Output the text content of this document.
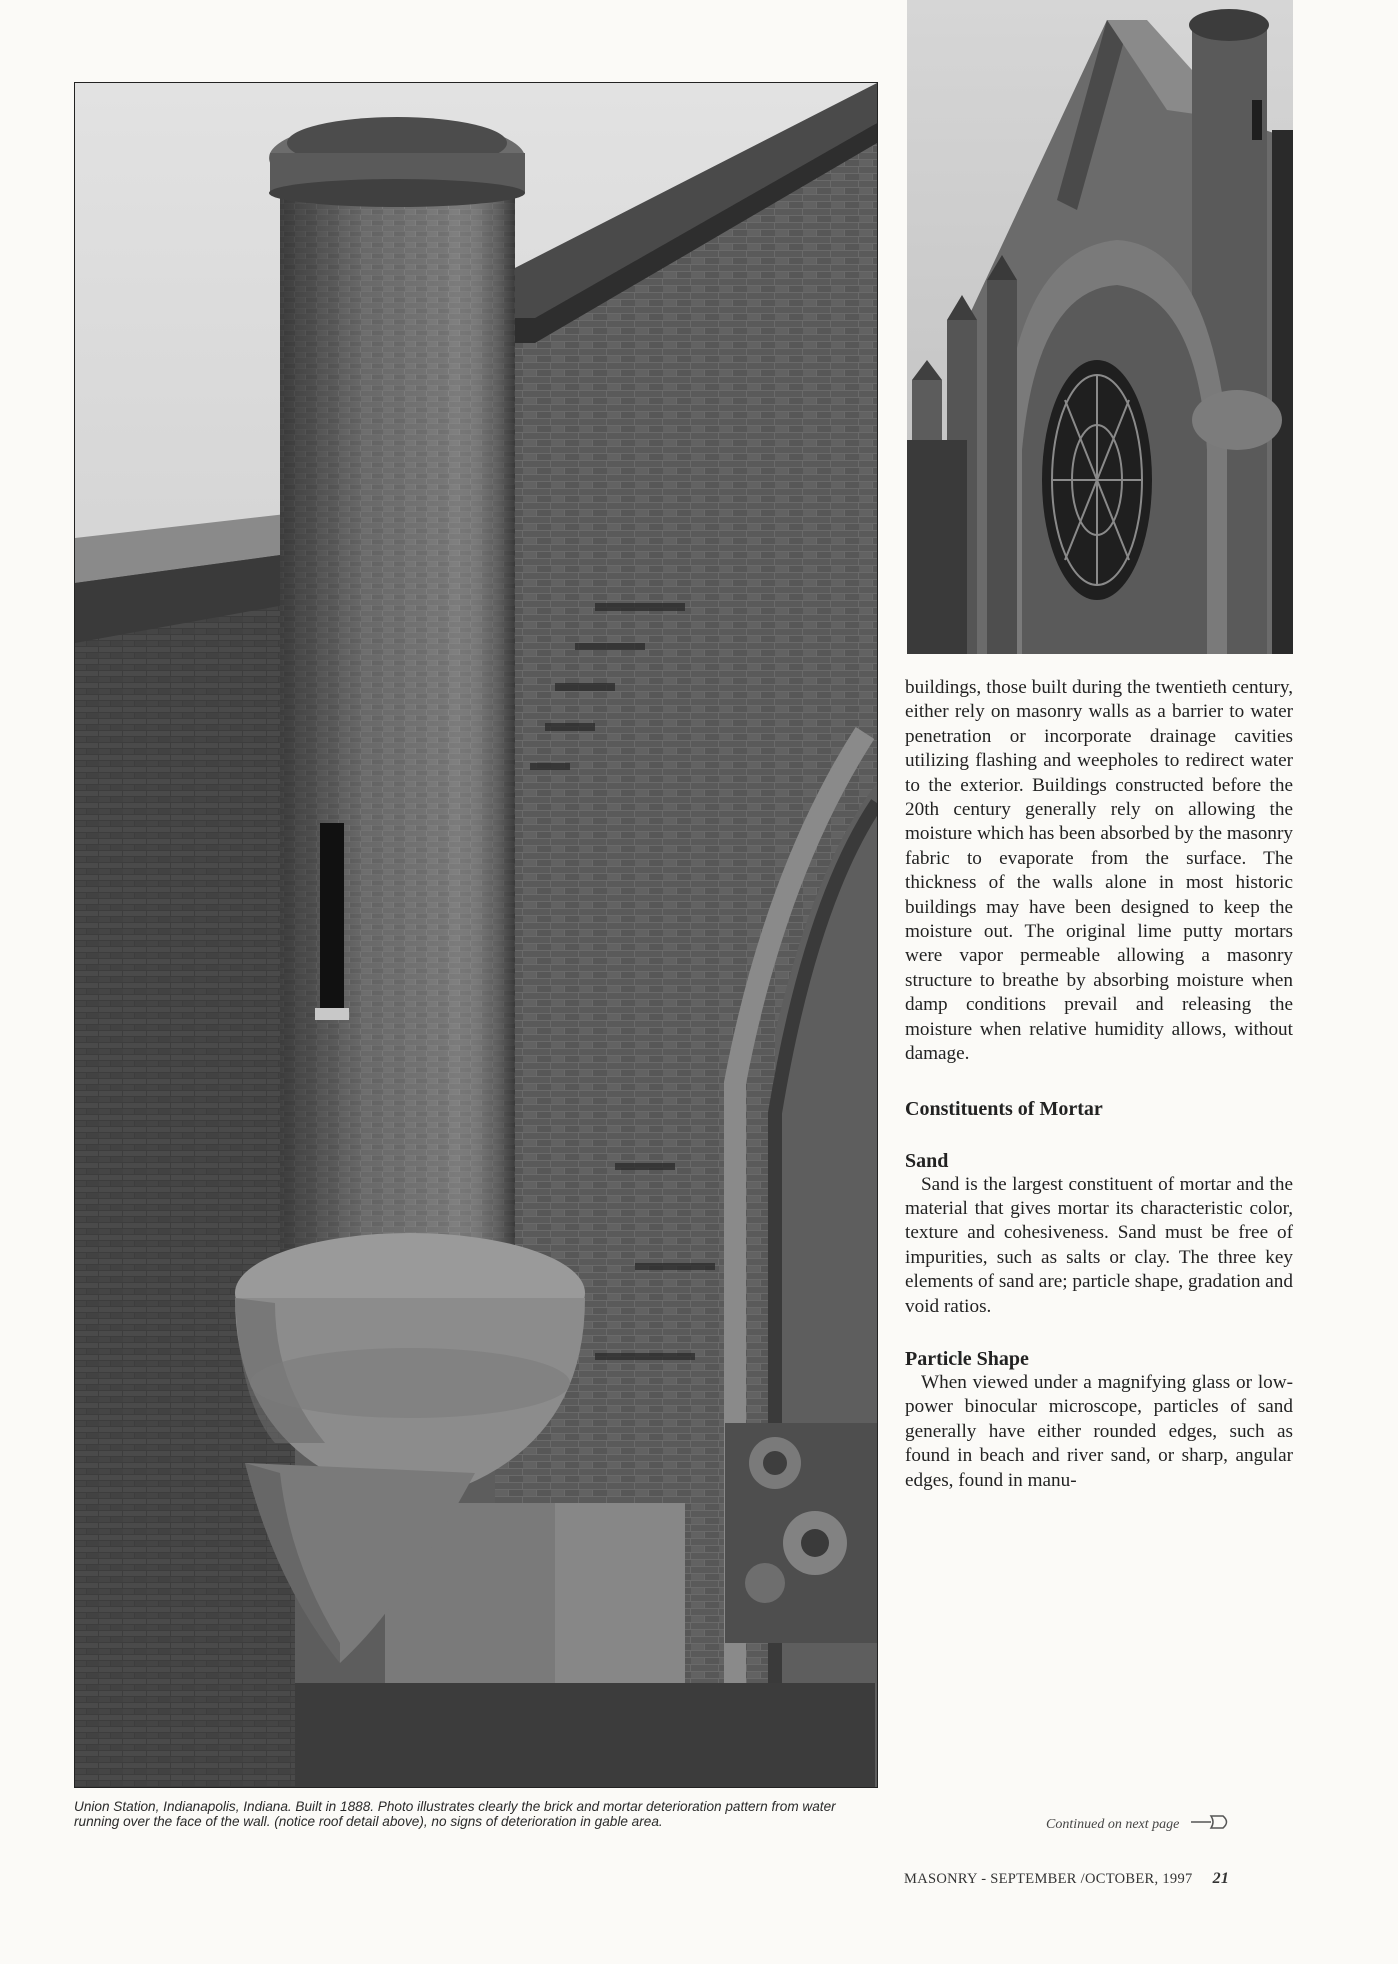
Union Station, Indianapolis, Indiana. Built in 1888. Photo illustrates clearly the brick and mortar deterioration pattern from water running over the face of the wall. (notice roof detail above), no signs of deterioration in gable area.

buildings, those built during the twentieth century, either rely on masonry walls as a barrier to water penetration or incorporate drainage cavities utilizing flashing and weepholes to redirect water to the exterior. Buildings constructed before the 20th century generally rely on allowing the moisture which has been absorbed by the masonry fabric to evaporate from the surface. The thickness of the walls alone in most historic buildings may have been designed to keep the moisture out. The original lime putty mortars were vapor permeable allowing a masonry structure to breathe by absorbing moisture when damp conditions prevail and releasing the moisture when relative humidity allows, without damage.

Constituents of Mortar
Sand

Sand is the largest constituent of mortar and the material that gives mortar its characteristic color, texture and cohesiveness. Sand must be free of impurities, such as salts or clay. The three key elements of sand are; particle shape, gradation and void ratios.

Particle Shape

When viewed under a magnifying glass or low-power binocular microscope, particles of sand generally have either rounded edges, such as found in beach and river sand, or sharp, angular edges, found in manu-

Continued on next page
MASONRY - SEPTEMBER /OCTOBER, 1997 21
